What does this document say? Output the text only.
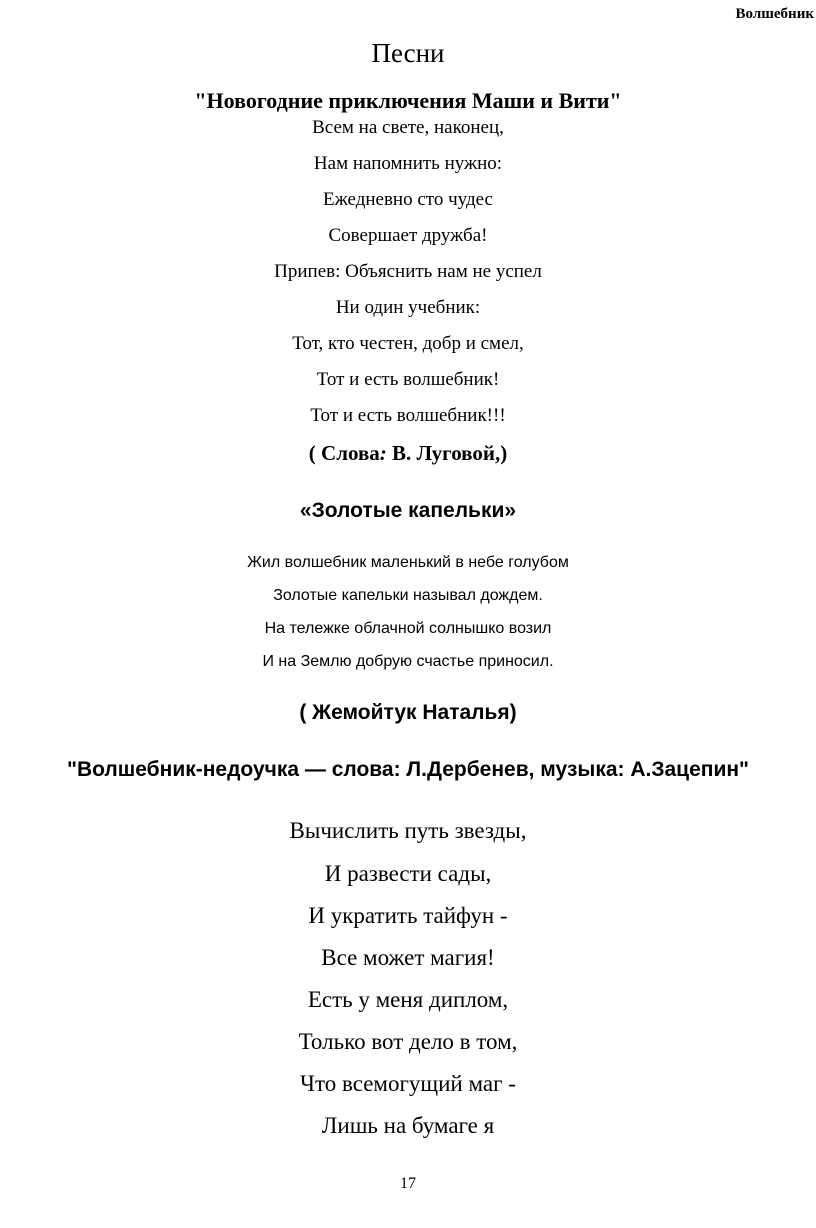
Волшебник
Песни
"Новогодние приключения Маши и Вити"
Всем на свете, наконец,
Нам напомнить нужно:
Ежедневно сто чудес
Совершает дружба!
Припев: Объяснить нам не успел
Ни один учебник:
Тот, кто честен, добр и смел,
Тот и есть волшебник!
Тот и есть волшебник!!!
( Слова: В. Луговой,)
«Золотые капельки»
Жил волшебник маленький в небе голубом
Золотые капельки называл дождем.
На тележке облачной солнышко возил
И на Землю добрую счастье приносил.
( Жемойтук Наталья)
"Волшебник-недоучка — слова: Л.Дербенев, музыка: А.Зацепин"
Вычислить путь звезды,
И развести сады,
И укратить тайфун -
Все может магия!
Есть у меня диплом,
Только вот дело в том,
Что всемогущий маг -
Лишь на бумаге я
17
